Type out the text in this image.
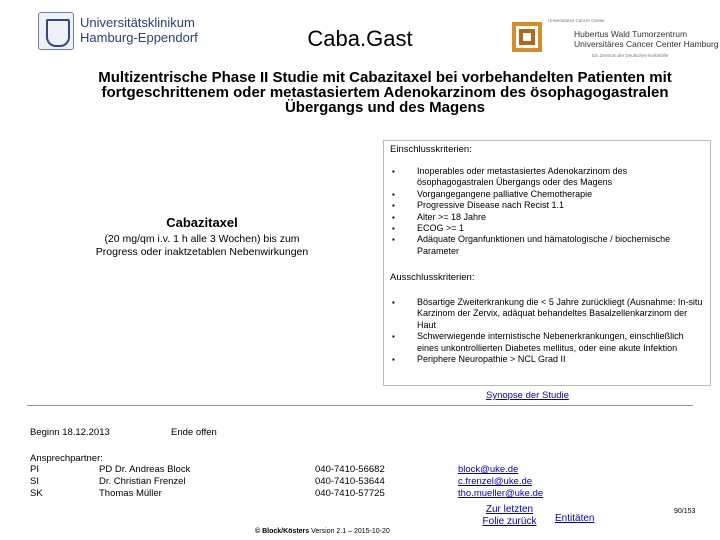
Universitätsklinikum
Hamburg-Eppendorf	Caba.Gast
Universitäres Cancer Center
Hubertus Wald Tumorzentrum
Universitäres Cancer Center Hamburg
Ein Zentrum der Deutschen Krebshilfe
Multizentrische Phase II Studie mit Cabazitaxel bei vorbehandelten Patienten mit fortgeschrittenem oder metastasiertem Adenokarzinom des ösophagogastralen Übergangs und des Magens
Cabazitaxel
(20 mg/qm i.v. 1 h alle 3 Wochen) bis zum Progress oder inaktzetablen Nebenwirkungen
Einschlusskriterien:
▪ Inoperables oder metastasiertes Adenokarzinom des ösophagogastralen Übergangs oder des Magens
▪ Vorgangegangene palliative Chemotherapie
▪ Progressive Disease nach Recist 1.1
▪ Alter >= 18 Jahre
▪ ECOG >= 1
▪ Adäquate Organfunktionen und hämatologische / biochemische Parameter
Ausschlusskriterien:
▪ Bösartige Zweiterkrankung die < 5 Jahre zurückliegt (Ausnahme: In-situ Karzinom der Zervix, adäquat behandeltes Basalzellenkarzinom der Haut
▪ Schwerwiegende internistische Nebenerkrankungen, einschließlich eines unkontrollierten Diabetes mellitus, oder eine akute Infektion
▪ Periphere Neuropathie > NCL Grad II
Synopse der Studie
Beginn 18.12.2013	Ende offen
Ansprechpartner:
PI	PD Dr. Andreas Block	040-7410-56682	block@uke.de
SI	Dr. Christian Frenzel	040-7410-53644	c.frenzel@uke.de
SK	Thomas Müller	040-7410-57725	tho.mueller@uke.de
Zur letzten Folie zurück	Entitäten
© Block/Kösters Version 2.1 – 2015-10-20
90/153
